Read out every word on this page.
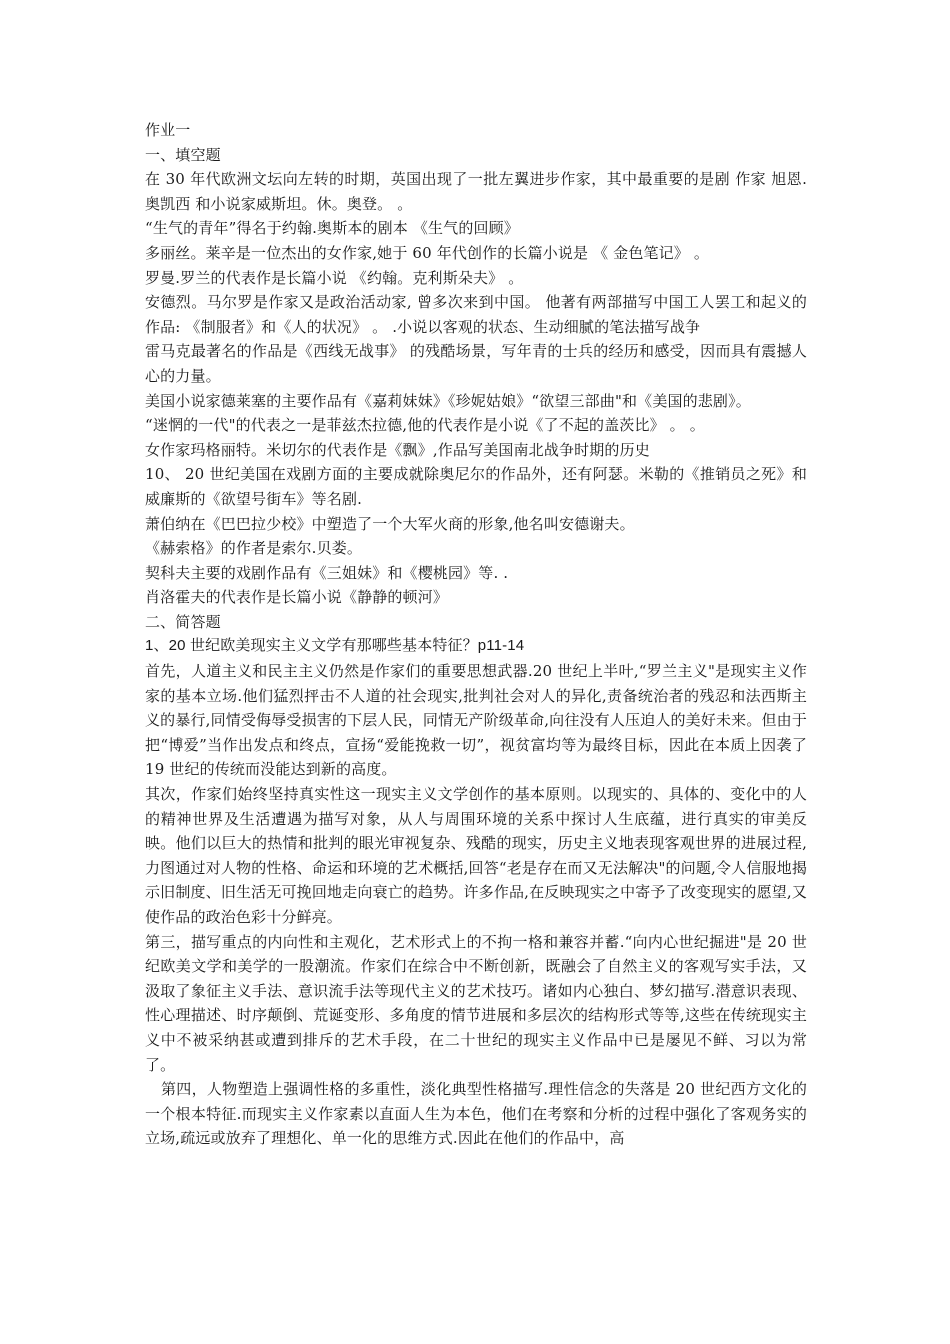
作业一

一、填空题

在 30 年代欧洲文坛向左转的时期，英国出现了一批左翼进步作家，其中最重要的是剧 作家 旭恩.奥凯西 和小说家威斯坦。休。奥登。 。

“生气的青年”得名于约翰.奥斯本的剧本 《生气的回顾》

多丽丝。莱辛是一位杰出的女作家,她于 60 年代创作的长篇小说是 《 金色笔记》 。

罗曼.罗兰的代表作是长篇小说 《约翰。克利斯朵夫》 。

安德烈。马尔罗是作家又是政治活动家, 曾多次来到中国。 他著有两部描写中国工人罢工和起义的作品: 《制服者》和《人的状况》 。 .小说以客观的状态、生动细腻的笔法描写战争

雷马克最著名的作品是《西线无战事》 的残酷场景，写年青的士兵的经历和感受，因而具有震撼人心的力量。

美国小说家德莱塞的主要作品有《嘉莉妹妹》《珍妮姑娘》“欲望三部曲"和《美国的悲剧》。

“迷惘的一代"的代表之一是菲兹杰拉德,他的代表作是小说《了不起的盖茨比》 。 。

女作家玛格丽特。米切尔的代表作是《飘》,作品写美国南北战争时期的历史

10、 20 世纪美国在戏剧方面的主要成就除奥尼尔的作品外，还有阿瑟。米勒的《推销员之死》和威廉斯的《欲望号街车》等名剧.

萧伯纳在《巴巴拉少校》中塑造了一个大军火商的形象,他名叫安德谢夫。

《赫索格》的作者是索尔.贝娄。

契科夫主要的戏剧作品有《三姐妹》和《樱桃园》等. .

肖洛霍夫的代表作是长篇小说《静静的顿河》

二、简答题

1、20 世纪欧美现实主义文学有那哪些基本特征？p11-14

首先，人道主义和民主主义仍然是作家们的重要思想武器.20 世纪上半叶,“罗兰主义"是现实主义作家的基本立场.他们猛烈抨击不人道的社会现实,批判社会对人的异化,责备统治者的残忍和法西斯主义的暴行,同情受侮辱受损害的下层人民，同情无产阶级革命,向往没有人压迫人的美好未来。但由于把“博爱”当作出发点和终点，宣扬“爱能挽救一切”，视贫富均等为最终目标，因此在本质上因袭了 19 世纪的传统而没能达到新的高度。

其次，作家们始终坚持真实性这一现实主义文学创作的基本原则。以现实的、具体的、变化中的人的精神世界及生活遭遇为描写对象，从人与周围环境的关系中探讨人生底蕴，进行真实的审美反映。他们以巨大的热情和批判的眼光审视复杂、残酷的现实，历史主义地表现客观世界的进展过程,力图通过对人物的性格、命运和环境的艺术概括,回答“老是存在而又无法解决"的问题,令人信服地揭示旧制度、旧生活无可挽回地走向衰亡的趋势。许多作品,在反映现实之中寄予了改变现实的愿望,又使作品的政治色彩十分鲜亮。

第三，描写重点的内向性和主观化，艺术形式上的不拘一格和兼容并蓄.“向内心世纪掘进"是 20 世纪欧美文学和美学的一股潮流。作家们在综合中不断创新，既融会了自然主义的客观写实手法，又汲取了象征主义手法、意识流手法等现代主义的艺术技巧。诸如内心独白、梦幻描写.潜意识表现、性心理描述、时序颠倒、荒诞变形、多角度的情节进展和多层次的结构形式等等,这些在传统现实主义中不被采纳甚或遭到排斥的艺术手段，在二十世纪的现实主义作品中已是屡见不鲜、习以为常了。

第四，人物塑造上强调性格的多重性，淡化典型性格描写.理性信念的失落是 20 世纪西方文化的一个根本特征.而现实主义作家素以直面人生为本色，他们在考察和分析的过程中强化了客观务实的立场,疏远或放弃了理想化、单一化的思维方式.因此在他们的作品中，高
